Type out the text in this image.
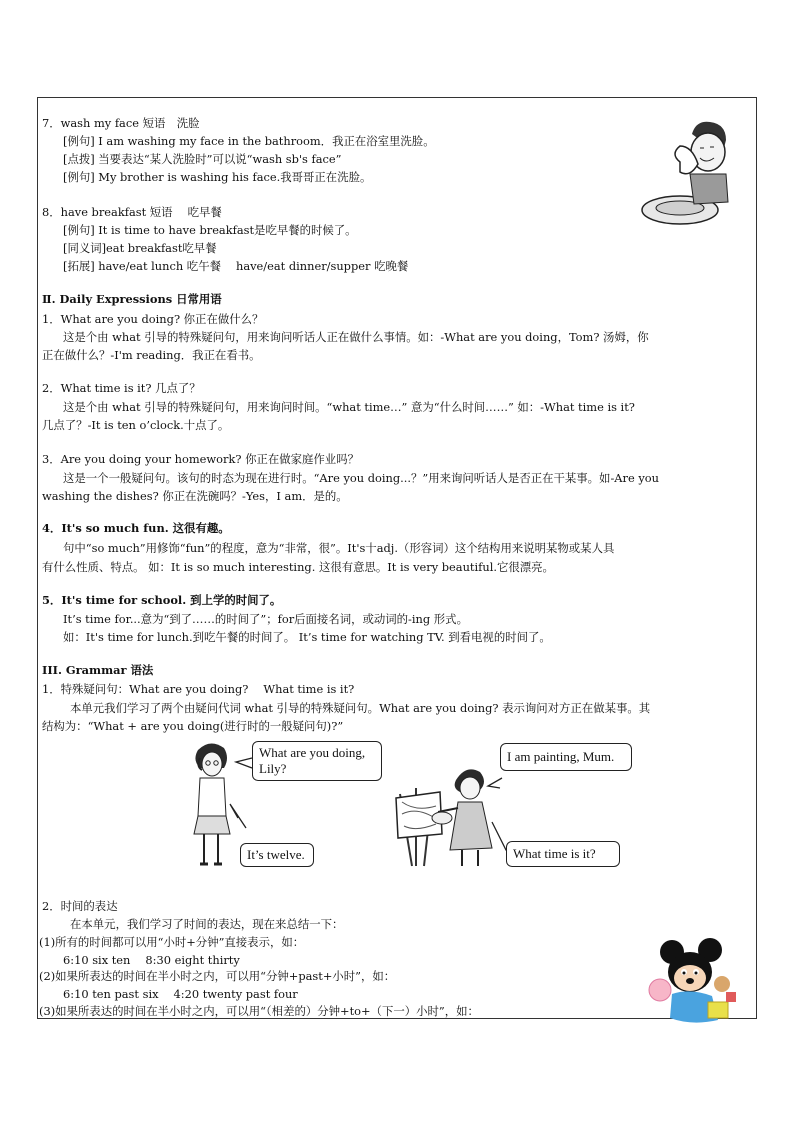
7．wash my face 短语　洗脸
[例句] I am washing my face in the bathroom．我正在浴室里洗脸。
[点拨] 当要表达“某人洗脸时”可以说“wash sb's face”
[例句] My brother is washing his face.我哥哥正在洗脸。
8．have breakfast 短语　 吃早餐
[例句] It is time to have breakfast是吃早餐的时候了。
[同义词]eat breakfast吃早餐
[拓展] have/eat lunch 吃午餐　 have/eat dinner/supper 吃晚餐
Ⅱ. Daily Expressions 日常用语
1．What are you doing? 你正在做什么？
这是个由 what 引导的特殊疑问句，用来询问听话人正在做什么事情。如：-What are you doing，Tom? 汤姆，你
正在做什么？-I'm reading．我正在看书。
2．What time is it? 几点了？
这是个由 what 引导的特殊疑问句，用来询问时间。“what time…” 意为“什么时间……” 如：-What time is it?
几点了？-It is ten o’clock.十点了。
3．Are you doing your homework? 你正在做家庭作业吗？
这是一个一般疑问句。该句的时态为现在进行时。“Are you doing...？”用来询问听话人是否正在干某事。如-Are you
washing the dishes? 你正在洗碗吗？-Yes，I am．是的。
4．It's so much fun. 这很有趣。
句中“so much”用修饰“fun”的程度，意为“非常，很”。It's十adj.（形容词）这个结构用来说明某物或某人具
有什么性质、特点。 如：It is so much interesting. 这很有意思。It is very beautiful.它很漂亮。
5．It's time for school. 到上学的时间了。
It’s time for...意为“到了……的时间了”；for后面接名词，或动词的-ing 形式。
如：It's time for lunch.到吃午餐的时间了。 It’s time for watching TV. 到看电视的时间了。
III. Grammar 语法
1．特殊疑问句：What are you doing?　 What time is it?
本单元我们学习了两个由疑问代词 what 引导的特殊疑问句。What are you doing? 表示询问对方正在做某事。其
结构为：“What + are you doing(进行时的一般疑问句)?”
What are you doing, Lily?
It’s twelve.
I am painting, Mum.
What time is it?
2．时间的表达
在本单元，我们学习了时间的表达，现在来总结一下：
(1)所有的时间都可以用“小时+分钟”直接表示，如：
6:10 six ten　 8:30 eight thirty
(2)如果所表达的时间在半小时之内，可以用“分钟+past+小时”，如：
6:10 ten past six　 4:20 twenty past four
(3)如果所表达的时间在半小时之内，可以用“（相差的）分钟+to+（下一）小时”，如：
